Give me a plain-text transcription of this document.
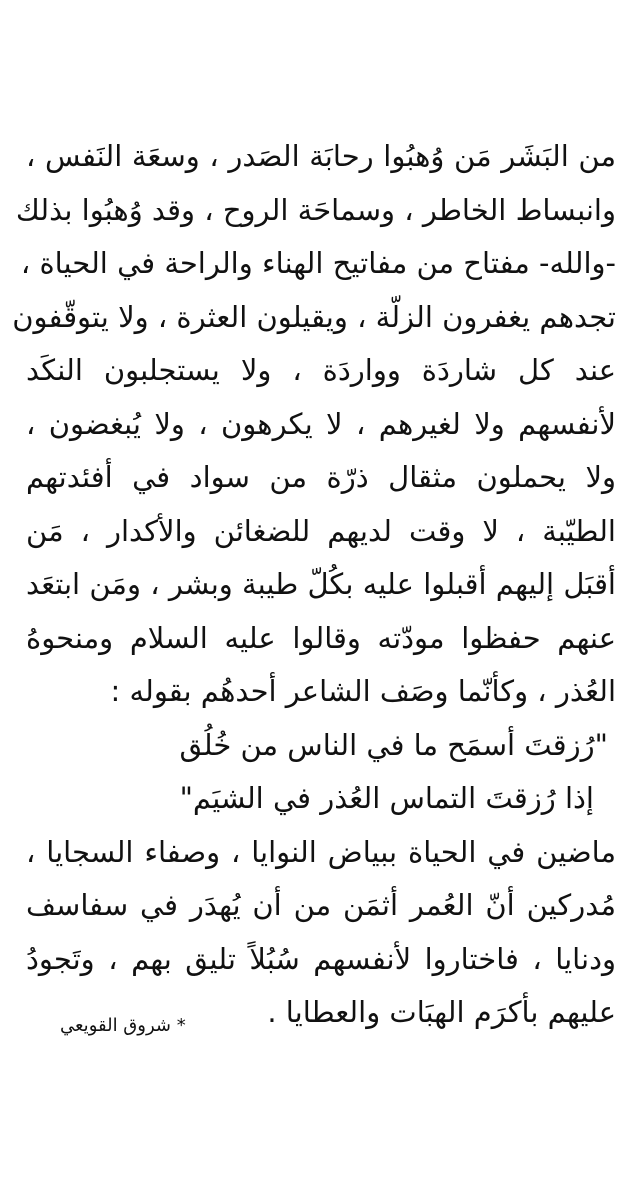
من البَشَر مَن وُهبُوا رحابَة الصَدر ، وسعَة النَفس ،
وانبساط الخاطر ، وسماحَة الروح ، وقد وُهبُوا بذلك
-والله- مفتاح من مفاتيح الهناء والراحة في الحياة ،
تجدهم يغفرون الزلّة ، ويقيلون العثرة ، ولا يتوقّفون
عند كل شاردَة وواردَة ، ولا يستجلبون النكَد
لأنفسهم ولا لغيرهم ، لا يكرهون ، ولا يُبغضون ،
ولا يحملون مثقال ذرّة من سواد في أفئدتهم
الطيّبة ، لا وقت لديهم للضغائن والأكدار ، مَن
أقبَل إليهم أقبلوا عليه بكُلّ طيبة وبشر ، ومَن ابتعَد
عنهم حفظوا مودّته وقالوا عليه السلام ومنحوهُ
العُذر ، وكأنّما وصَف الشاعر أحدهُم بقوله :
"رُزقتَ أسمَح ما في الناس من خُلُق
إذا رُزقتَ التماس العُذر في الشيَم"
ماضين في الحياة ببياض النوايا ، وصفاء السجايا ،
مُدركين أنّ العُمر أثمَن من أن يُهدَر في سفاسف
ودنايا ، فاختاروا لأنفسهم سُبُلاً تليق بهم ، وتَجودُ
عليهم بأكرَم الهبَات والعطايا .
* شروق القويعي
